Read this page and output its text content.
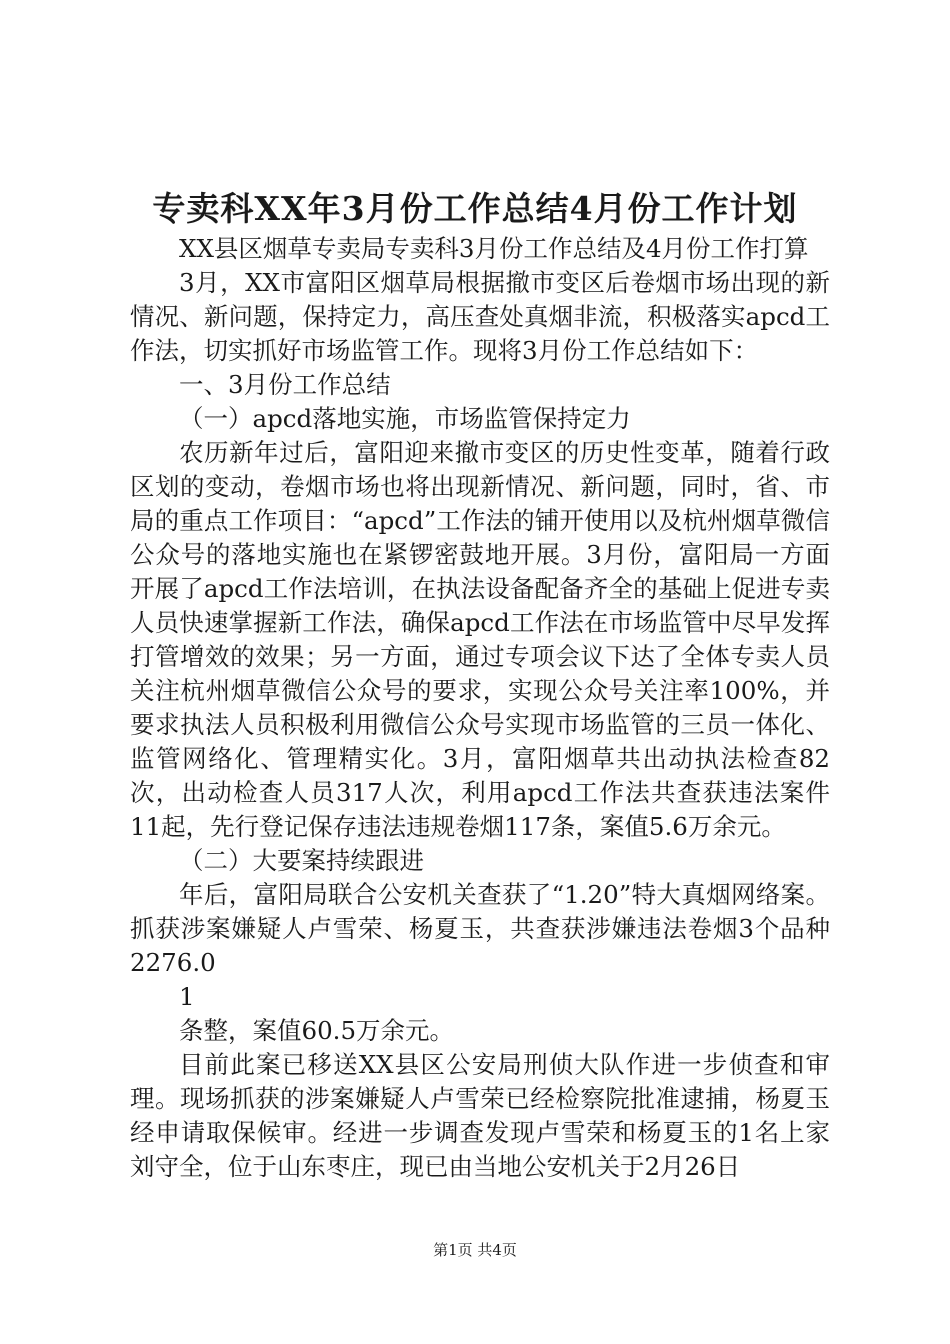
专卖科XX年3月份工作总结4月份工作计划

XX县区烟草专卖局专卖科3月份工作总结及4月份工作打算

3月，XX市富阳区烟草局根据撤市变区后卷烟市场出现的新情况、新问题，保持定力，高压查处真烟非流，积极落实apcd工作法，切实抓好市场监管工作。现将3月份工作总结如下：

一、3月份工作总结

（一）apcd落地实施，市场监管保持定力

农历新年过后，富阳迎来撤市变区的历史性变革，随着行政区划的变动，卷烟市场也将出现新情况、新问题，同时，省、市局的重点工作项目：“apcd”工作法的铺开使用以及杭州烟草微信公众号的落地实施也在紧锣密鼓地开展。3月份，富阳局一方面开展了apcd工作法培训，在执法设备配备齐全的基础上促进专卖人员快速掌握新工作法，确保apcd工作法在市场监管中尽早发挥打管增效的效果；另一方面，通过专项会议下达了全体专卖人员关注杭州烟草微信公众号的要求，实现公众号关注率100%，并要求执法人员积极利用微信公众号实现市场监管的三员一体化、监管网络化、管理精实化。3月，富阳烟草共出动执法检查82次，出动检查人员317人次，利用apcd工作法共查获违法案件11起，先行登记保存违法违规卷烟117条，案值5.6万余元。

（二）大要案持续跟进

年后，富阳局联合公安机关查获了“1.20”特大真烟网络案。抓获涉案嫌疑人卢雪荣、杨夏玉，共查获涉嫌违法卷烟3个品种2276.0

1

条整，案值60.5万余元。

目前此案已移送XX县区公安局刑侦大队作进一步侦查和审理。现场抓获的涉案嫌疑人卢雪荣已经检察院批准逮捕，杨夏玉经申请取保候审。经进一步调查发现卢雪荣和杨夏玉的1名上家刘守全，位于山东枣庄，现已由当地公安机关于2月26日

第1页 共4页
